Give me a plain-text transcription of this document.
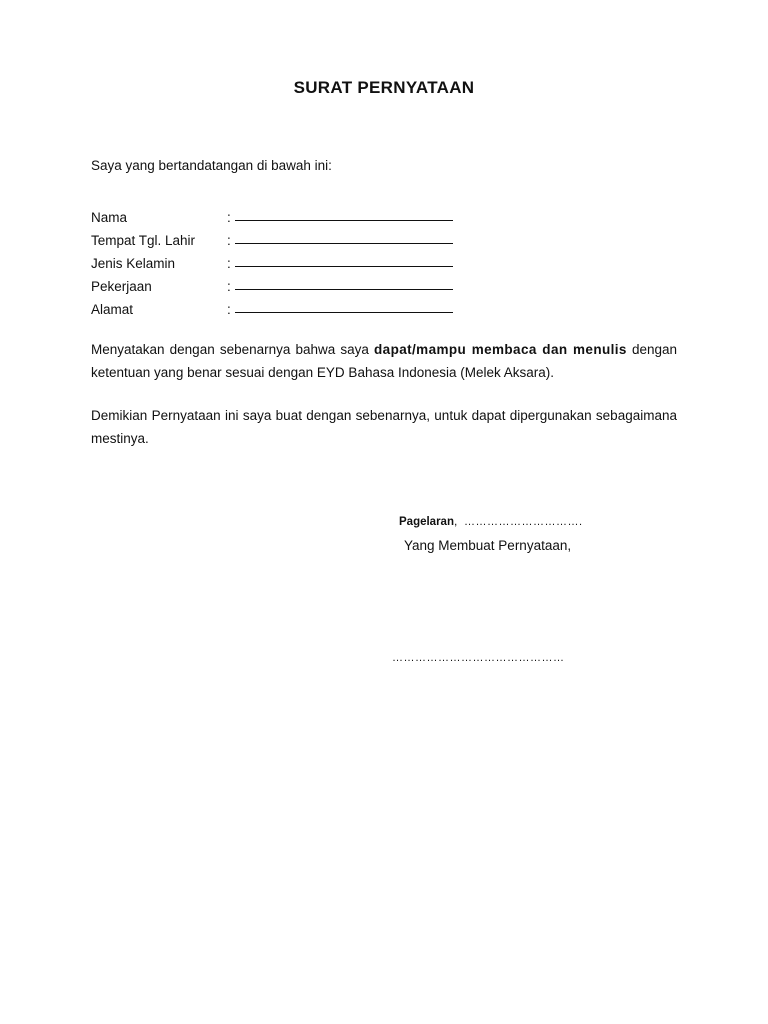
SURAT PERNYATAAN
Saya yang bertandatangan di bawah ini:
Nama	:
Tempat Tgl. Lahir	:
Jenis Kelamin	:
Pekerjaan	:
Alamat	:
Menyatakan dengan sebenarnya bahwa saya dapat/mampu membaca dan menulis dengan ketentuan yang benar sesuai dengan EYD Bahasa Indonesia (Melek Aksara).
Demikian Pernyataan ini saya buat dengan sebenarnya, untuk dapat dipergunakan sebagaimana mestinya.
Pagelaran, ………………………….
Yang Membuat Pernyataan,
………………………………………
